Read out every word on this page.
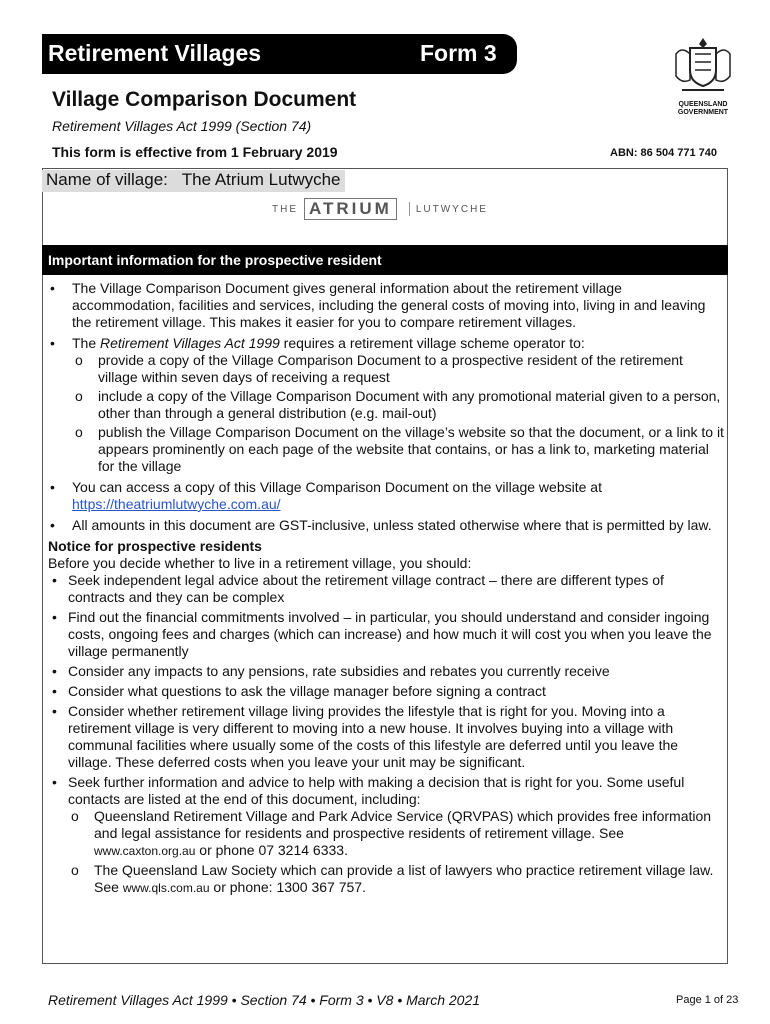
Retirement Villages	Form 3
QUEENSLAND
GOVERNMENT
Village Comparison Document
Retirement Villages Act 1999 (Section 74)
This form is effective from 1 February 2019	ABN: 86 504 771 740
Name of village: The Atrium Lutwyche
THE ATRIUM	LUTWYCHE
Important information for the prospective resident
• The Village Comparison Document gives general information about the retirement village accommodation, facilities and services, including the general costs of moving into, living in and leaving the retirement village. This makes it easier for you to compare retirement villages.
• The Retirement Villages Act 1999 requires a retirement village scheme operator to:
o provide a copy of the Village Comparison Document to a prospective resident of the retirement village within seven days of receiving a request
o include a copy of the Village Comparison Document with any promotional material given to a person, other than through a general distribution (e.g. mail-out)
o publish the Village Comparison Document on the village’s website so that the document, or a link to it appears prominently on each page of the website that contains, or has a link to, marketing material for the village
• You can access a copy of this Village Comparison Document on the village website at
https://theatriumlutwyche.com.au/
• All amounts in this document are GST-inclusive, unless stated otherwise where that is permitted by law.
Notice for prospective residents
Before you decide whether to live in a retirement village, you should:
• Seek independent legal advice about the retirement village contract – there are different types of contracts and they can be complex
• Find out the financial commitments involved – in particular, you should understand and consider ingoing costs, ongoing fees and charges (which can increase) and how much it will cost you when you leave the village permanently
• Consider any impacts to any pensions, rate subsidies and rebates you currently receive
• Consider what questions to ask the village manager before signing a contract
• Consider whether retirement village living provides the lifestyle that is right for you. Moving into a retirement village is very different to moving into a new house. It involves buying into a village with communal facilities where usually some of the costs of this lifestyle are deferred until you leave the village. These deferred costs when you leave your unit may be significant.
• Seek further information and advice to help with making a decision that is right for you. Some useful contacts are listed at the end of this document, including:
o Queensland Retirement Village and Park Advice Service (QRVPAS) which provides free information and legal assistance for residents and prospective residents of retirement village. See www.caxton.org.au or phone 07 3214 6333.
o The Queensland Law Society which can provide a list of lawyers who practice retirement village law. See www.qls.com.au or phone: 1300 367 757.
Retirement Villages Act 1999 • Section 74 • Form 3 • V8 • March 2021	Page 1 of 23
